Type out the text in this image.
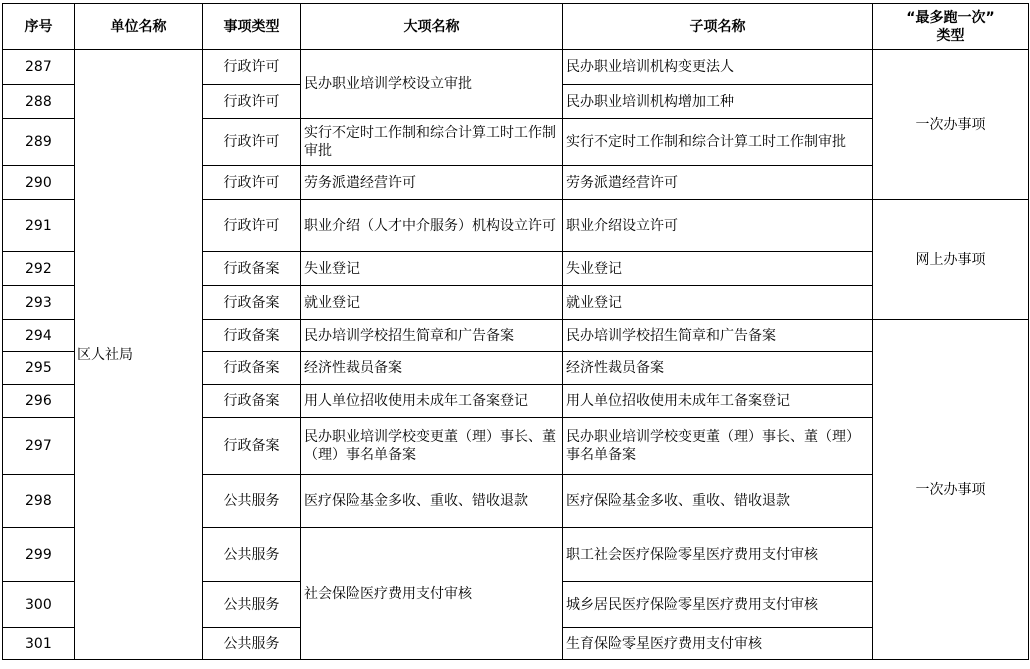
序号	单位名称	事项类型	大项名称	子项名称	“最多跑一次”
类型

287	区人社局	行政许可	民办职业培训学校设立审批	民办职业培训机构变更法人	一次办事项
288		行政许可		民办职业培训机构增加工种	
289		行政许可	实行不定时工作制和综合计算工时工作制审批	实行不定时工作制和综合计算工时工作制审批	
290		行政许可	劳务派遣经营许可	劳务派遣经营许可	
291		行政许可	职业介绍（人才中介服务）机构设立许可	职业介绍设立许可	网上办事项
292		行政备案	失业登记	失业登记	
293		行政备案	就业登记	就业登记	
294		行政备案	民办培训学校招生简章和广告备案	民办培训学校招生简章和广告备案	一次办事项
295		行政备案	经济性裁员备案	经济性裁员备案	
296		行政备案	用人单位招收使用未成年工备案登记	用人单位招收使用未成年工备案登记	
297		行政备案	民办职业培训学校变更董（理）事长、董（理）事名单备案	民办职业培训学校变更董（理）事长、董（理）事名单备案	
298		公共服务	医疗保险基金多收、重收、错收退款	医疗保险基金多收、重收、错收退款	
299		公共服务	社会保险医疗费用支付审核	职工社会医疗保险零星医疗费用支付审核	
300		公共服务		城乡居民医疗保险零星医疗费用支付审核	
301		公共服务		生育保险零星医疗费用支付审核	
